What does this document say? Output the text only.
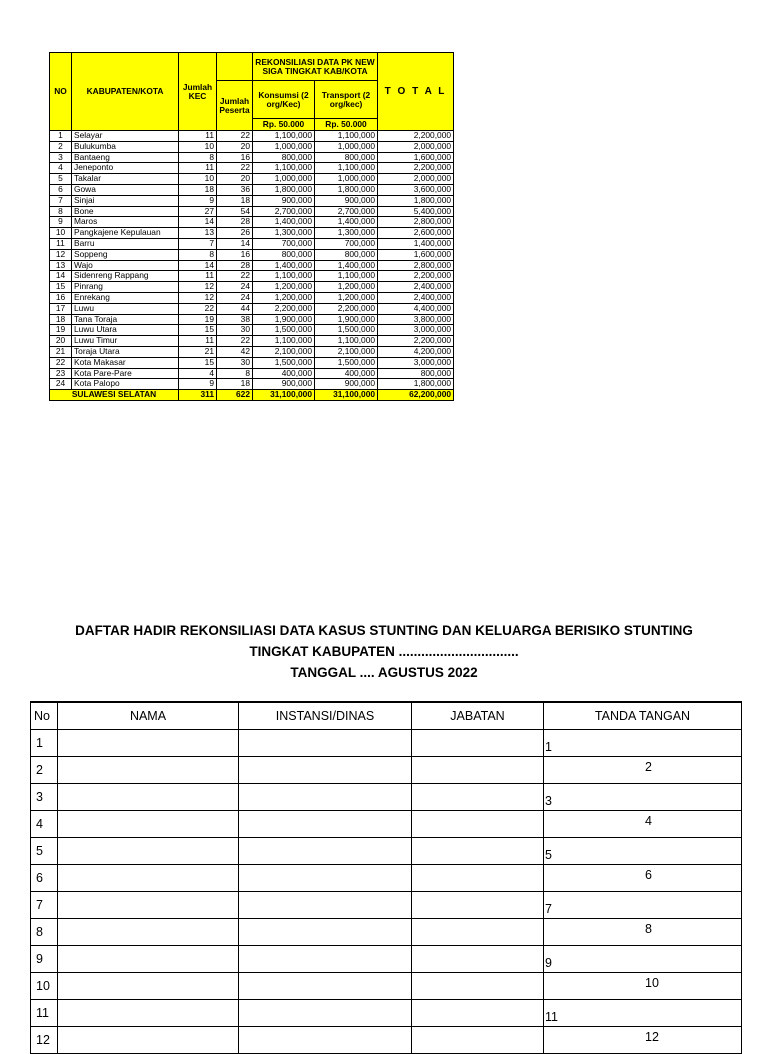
NO	KABUPATEN/KOTA	Jumlah KEC		REKONSILIASI DATA PK NEW SIGA TINGKAT KAB/KOTA		T O T A L
			Jumlah Peserta	Konsumsi (2 org/Kec)	Transport (2 org/kec)	
				Rp. 50.000	Rp. 50.000	
1	Selayar	11	22	1,100,000	1,100,000	2,200,000
2	Bulukumba	10	20	1,000,000	1,000,000	2,000,000
3	Bantaeng	8	16	800,000	800,000	1,600,000
4	Jeneponto	11	22	1,100,000	1,100,000	2,200,000
5	Takalar	10	20	1,000,000	1,000,000	2,000,000
6	Gowa	18	36	1,800,000	1,800,000	3,600,000
7	Sinjai	9	18	900,000	900,000	1,800,000
8	Bone	27	54	2,700,000	2,700,000	5,400,000
9	Maros	14	28	1,400,000	1,400,000	2,800,000
10	Pangkajene Kepulauan	13	26	1,300,000	1,300,000	2,600,000
11	Barru	7	14	700,000	700,000	1,400,000
12	Soppeng	8	16	800,000	800,000	1,600,000
13	Wajo	14	28	1,400,000	1,400,000	2,800,000
14	Sidenreng Rappang	11	22	1,100,000	1,100,000	2,200,000
15	Pinrang	12	24	1,200,000	1,200,000	2,400,000
16	Enrekang	12	24	1,200,000	1,200,000	2,400,000
17	Luwu	22	44	2,200,000	2,200,000	4,400,000
18	Tana Toraja	19	38	1,900,000	1,900,000	3,800,000
19	Luwu Utara	15	30	1,500,000	1,500,000	3,000,000
20	Luwu Timur	11	22	1,100,000	1,100,000	2,200,000
21	Toraja Utara	21	42	2,100,000	2,100,000	4,200,000
22	Kota Makasar	15	30	1,500,000	1,500,000	3,000,000
23	Kota Pare-Pare	4	8	400,000	400,000	800,000
24	Kota Palopo	9	18	900,000	900,000	1,800,000
SULAWESI SELATAN		311	622	31,100,000	31,100,000	62,200,000
DAFTAR HADIR REKONSILIASI DATA KASUS STUNTING DAN KELUARGA BERISIKO STUNTING
TINGKAT KABUPATEN ................................
TANGGAL .... AGUSTUS 2022
No	NAMA	INSTANSI/DINAS	JABATAN	TANDA TANGAN
1				1

2				2

3				3

4				4

5				5

6				6

7				7

8				8

9				9

10				10

11				11

12				12
